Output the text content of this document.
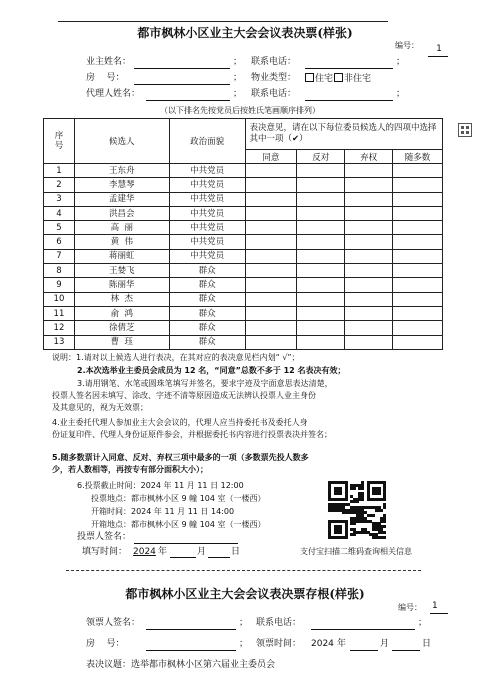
都市枫林小区业主大会会议表决票(样张)
编号：	1
业主姓名：	； 联系电话：	；
房    号：	； 物业类型：	住宅 非住宅
代理人姓名：	； 联系电话：	；
（以下排名先按党员后按姓氏笔画顺序排列）
序号	候选人	政治面貌	表决意见，请在以下每位委员候选人的四项中选择其中一项（✔）			
			同意	反对	弃权	随多数
1	王东舟	中共党员				
2	李慧琴	中共党员				
3	孟建华	中共党员				
4	洪昌会	中共党员				
5	高  丽	中共党员				
6	黄  伟	中共党员				
7	蒋丽虹	中共党员				
8	王婪飞	群众				
9	陈丽华	群众				
10	林  杰	群众				
11	俞  鸿	群众				
12	徐倩芝	群众				
13	曹  珏	群众				
说明：1.请对以上候选人进行表决，在其对应的表决意见栏内划“ √”；
2.本次选举业主委员会成员为 12 名，“同意”总数不多于 12 名表决有效；
3.请用钢笔、水笔或圆珠笔填写并签名，要求字迹及字面意思表达清楚，
投票人签名因未填写、涂改、字迹不清等原因造成无法辨认投票人业主身份
及其意见的，视为无效票；
4.业主委托代理人参加业主大会会议的，代理人应当持委托书及委托人身
份证复印件、代理人身份证原件参会，并根据委托书内容进行投票表决并签名；
5.随多数票计入同意、反对、弃权三项中最多的一项（多数票先投人数多
少，若人数相等，再按专有部分面积大小）；
6.投票截止时间：2024 年 11 月 11 日 12:00
投票地点：都市枫林小区 9 幢 104 室（一楼西）
开箱时间：2024 年 11 月 11 日 14:00
开箱地点：都市枫林小区 9 幢 104 室（一楼西）
投票人签名：
填写时间： 2024 年	月	日	支付宝扫描二维码查询相关信息
都市枫林小区业主大会会议表决票存根(样张)
编号： 1
领票人签名：	； 联系电话：	；
房    号：	； 领票时间： 2024 年	月	日
表决议题：选举都市枫林小区第六届业主委员会
